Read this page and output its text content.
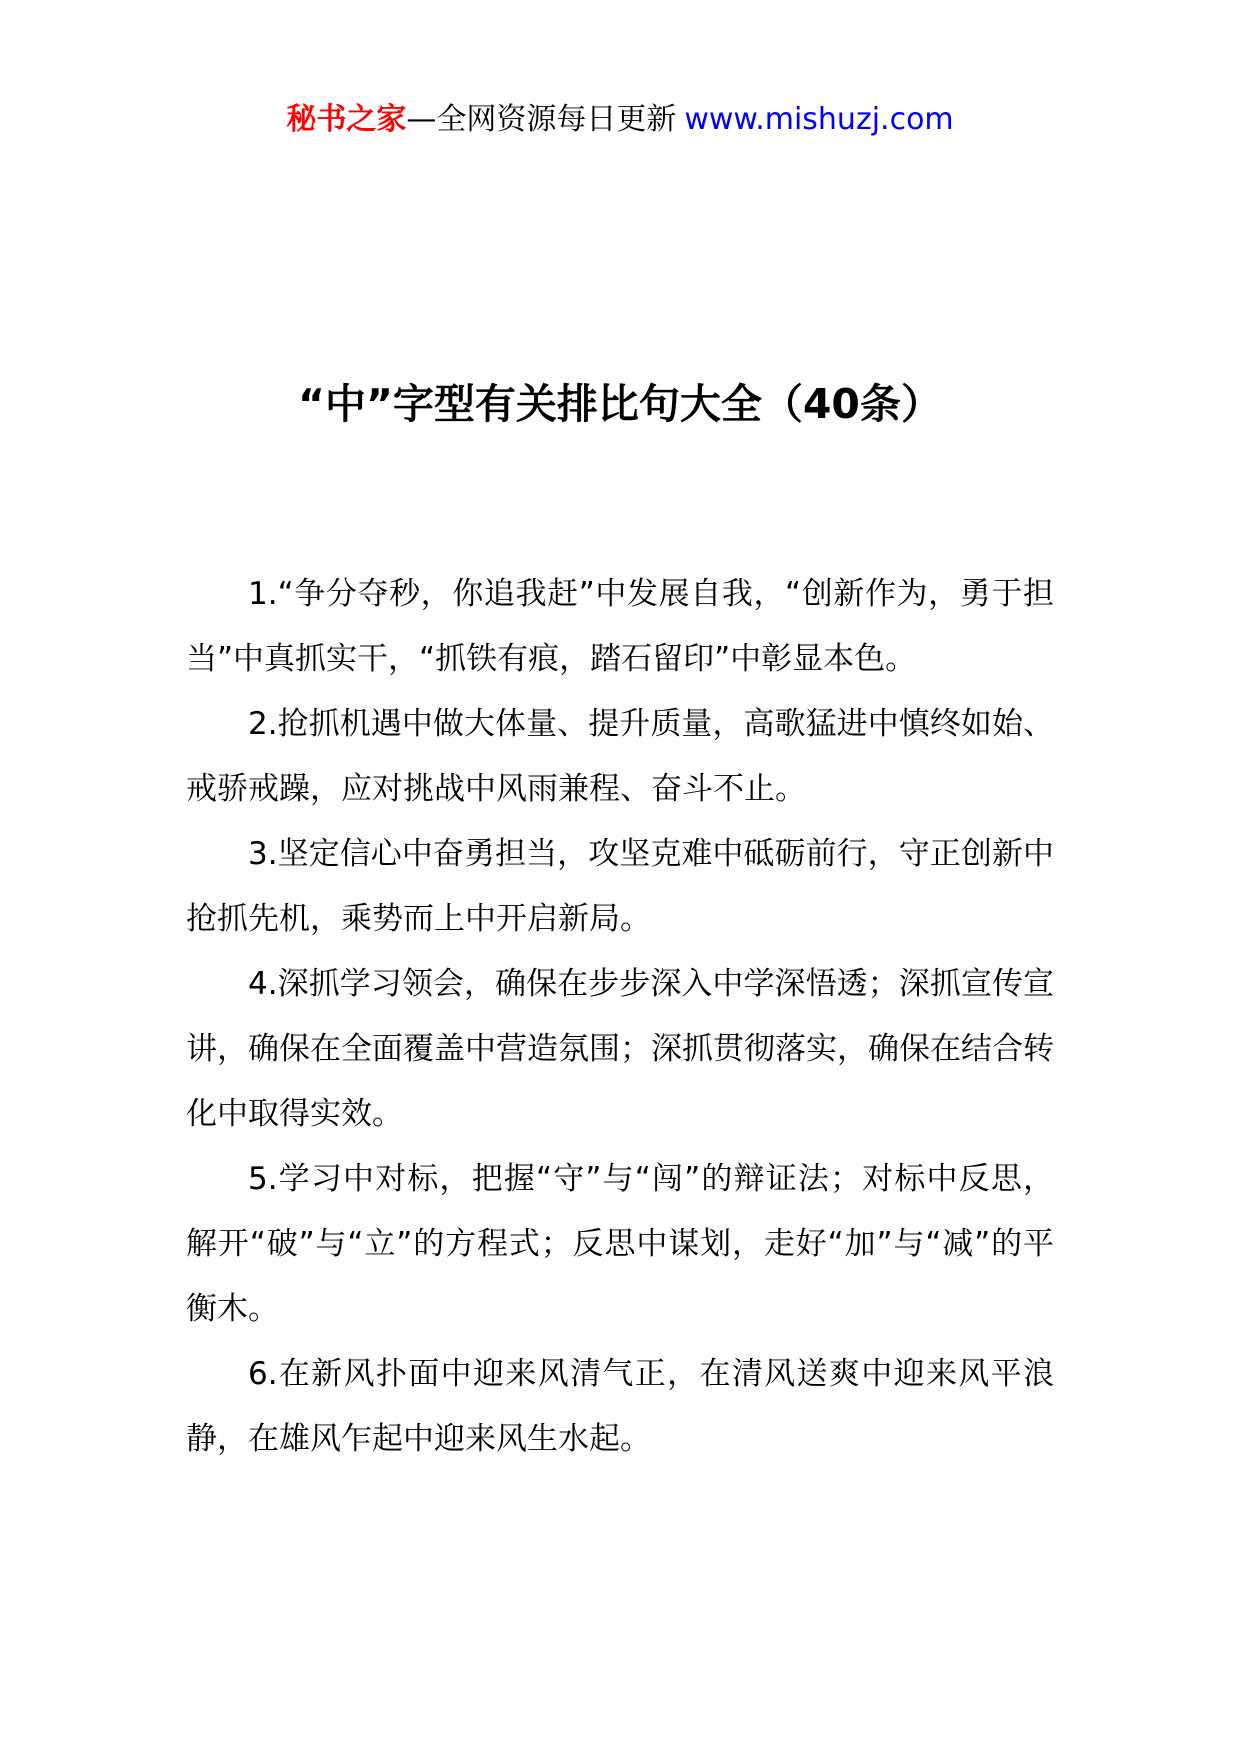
秘书之家—全网资源每日更新 www.mishuzj.com
“中”字型有关排比句大全（40条）

1.“争分夺秒，你追我赶”中发展自我，“创新作为，勇于担当”中真抓实干，“抓铁有痕，踏石留印”中彰显本色。

2.抢抓机遇中做大体量、提升质量，高歌猛进中慎终如始、戒骄戒躁，应对挑战中风雨兼程、奋斗不止。

3.坚定信心中奋勇担当，攻坚克难中砥砺前行，守正创新中抢抓先机，乘势而上中开启新局。

4.深抓学习领会，确保在步步深入中学深悟透；深抓宣传宣讲，确保在全面覆盖中营造氛围；深抓贯彻落实，确保在结合转化中取得实效。

5.学习中对标，把握“守”与“闯”的辩证法；对标中反思，解开“破”与“立”的方程式；反思中谋划，走好“加”与“减”的平衡木。

6.在新风扑面中迎来风清气正，在清风送爽中迎来风平浪静，在雄风乍起中迎来风生水起。
